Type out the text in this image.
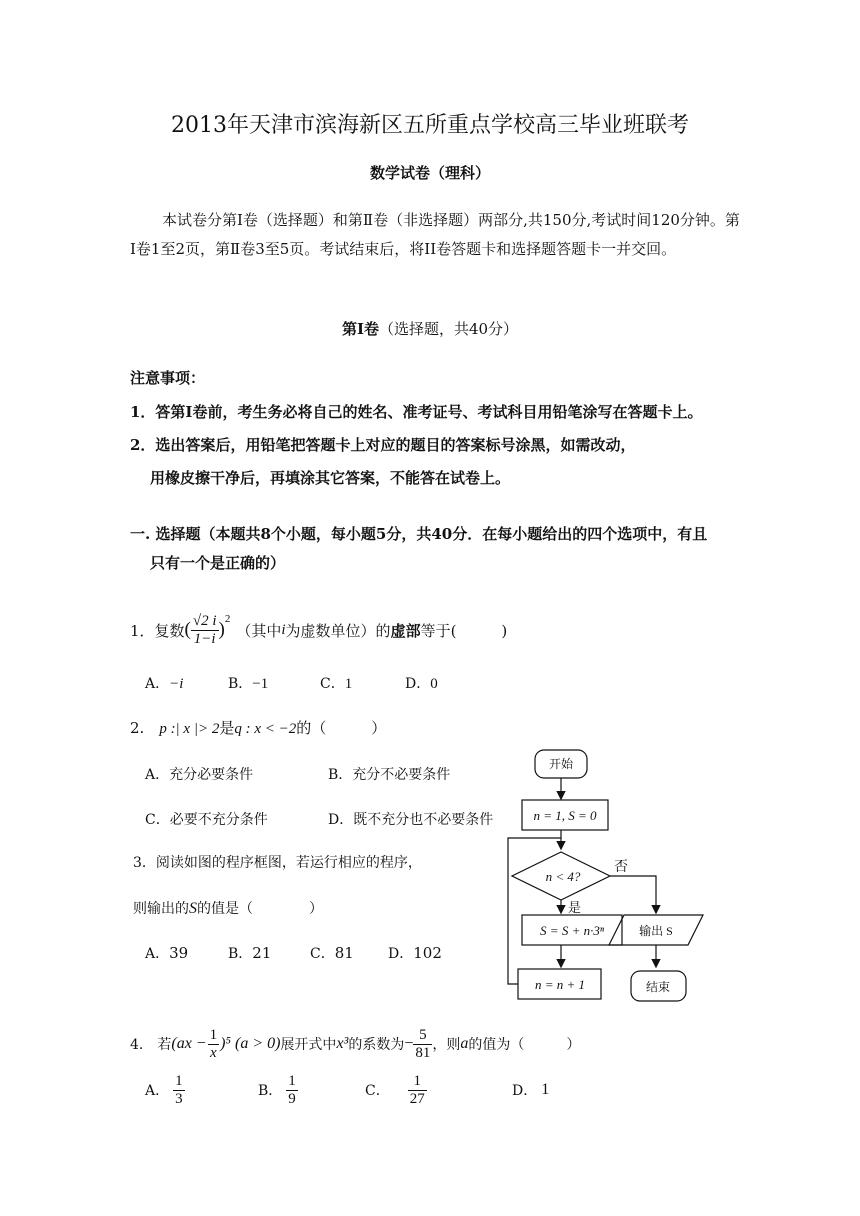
2013年天津市滨海新区五所重点学校高三毕业班联考
数学试卷（理科）
本试卷分第Ⅰ卷（选择题）和第Ⅱ卷（非选择题）两部分,共150分,考试时间120分钟。第Ⅰ卷1至2页，第Ⅱ卷3至5页。考试结束后，将II卷答题卡和选择题答题卡一并交回。
第Ⅰ卷（选择题，共40分）
注意事项：
1．答第Ⅰ卷前，考生务必将自己的姓名、准考证号、考试科目用铅笔涂写在答题卡上。
2．选出答案后，用铅笔把答题卡上对应的题目的答案标号涂黑，如需改动，
用橡皮擦干净后，再填涂其它答案，不能答在试卷上。
一. 选择题（本题共8个小题，每小题5分，共40分．在每小题给出的四个选项中，有且
只有一个是正确的）
1．复数 ( $\frac{√2 i}{1-i} )^2$
（其中 i 为虚数单位）的 虚部 等于(　　　)
A．−i	B．−1	C．1	D．0
2.　p :| x |> 2是q : x < −2的（　　　）
A．充分必要条件	B．充分不必要条件
C．必要不充分条件	D．既不充分也不必要条件
3．阅读如图的程序框图，若运行相应的程序，
则输出的S的值是（　　　　）
A．39	B．21	C．81 D．102
开始
n = 1, S = 0
n < 4?
否
是
S = S + n·3ⁿ
n = n + 1
输出 S
结束
4.　若 $(ax - \frac{1}{x} )^5$ (a > 0) 展开式中 x³ 的系数为 − $\frac{5}{81}$ ，则 a 的值为（　　　）
A． $\frac{1}{3}$	B． $\frac{1}{9}$	C． $\frac{1}{27}$	D． 1
